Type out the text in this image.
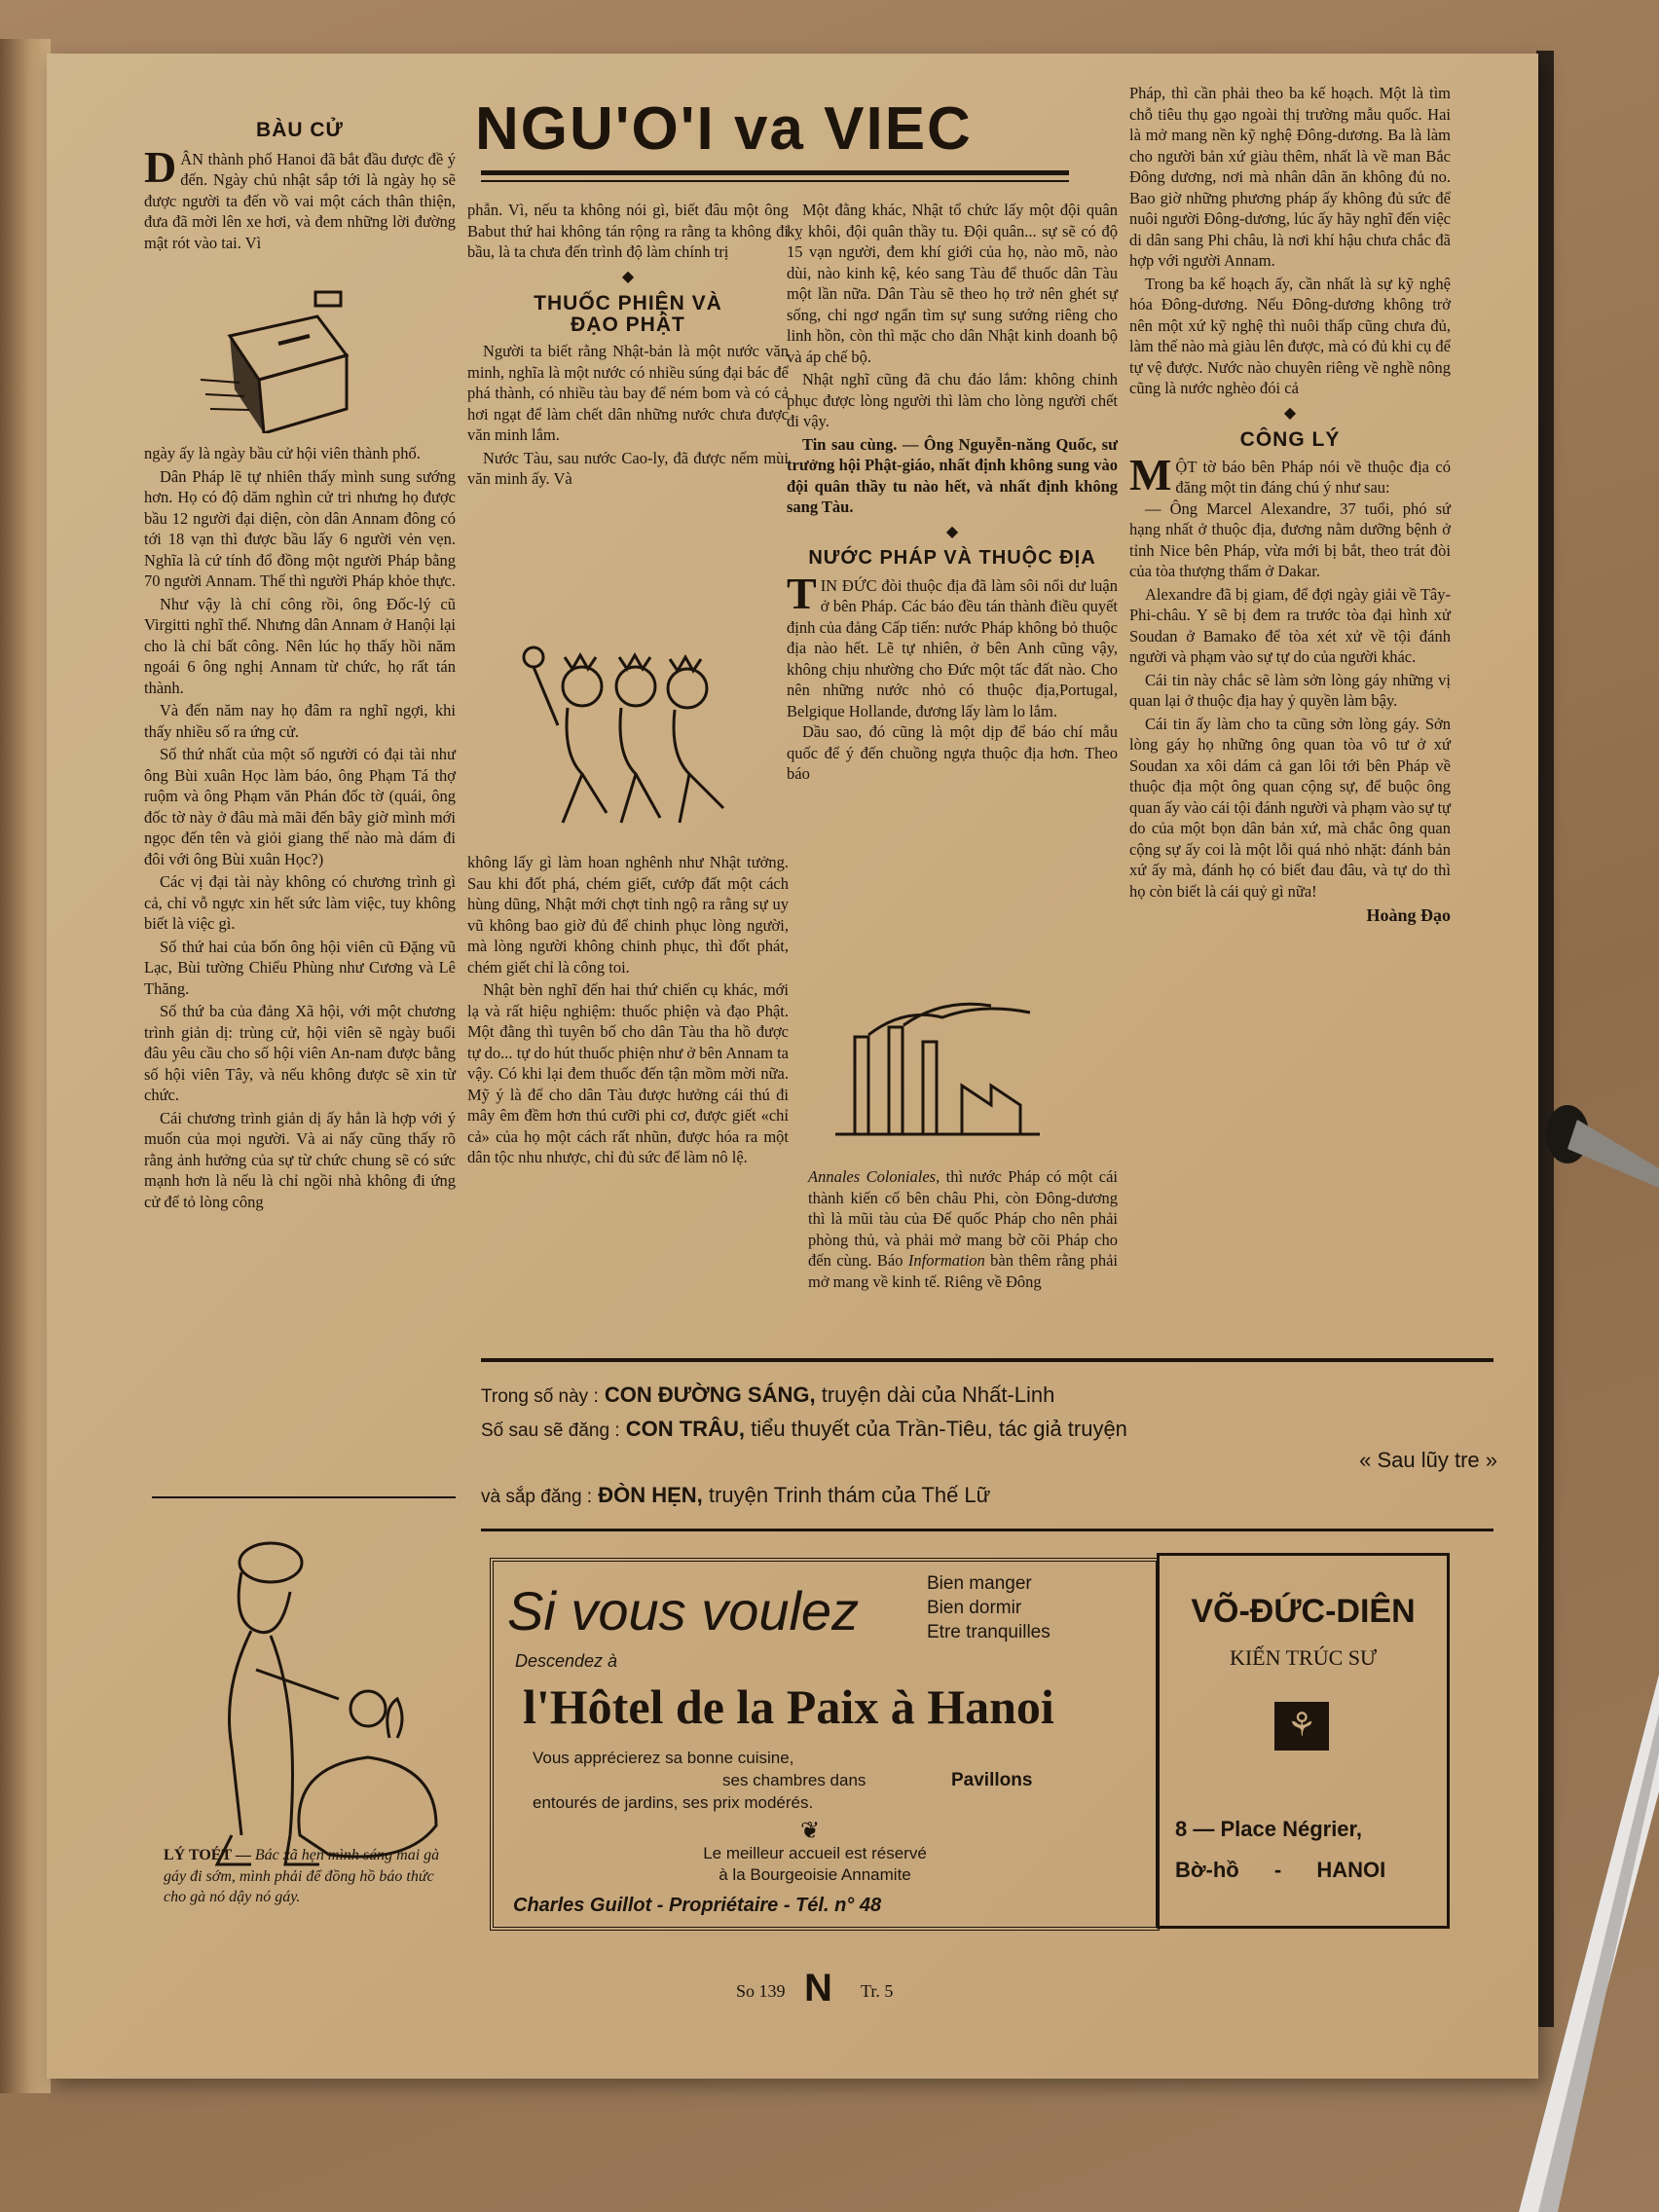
NGU'O'I va VIEC
BÀU CỬ
DÂN thành phố Hanoi đã bắt đầu được đề ý đến. Ngày chủ nhật sắp tới là ngày họ sẽ được người ta đến vồ vai một cách thân thiện, đưa đã mời lên xe hơi, và đem những lời đường mật rót vào tai. Vì

ngày ấy là ngày bầu cử hội viên thành phố.

Dân Pháp lẽ tự nhiên thấy mình sung sướng hơn. Họ có độ dăm nghìn cử tri nhưng họ được bầu 12 người đại diện, còn dân Annam đông có tới 18 vạn thì được bầu lấy 6 người vẻn vẹn. Nghĩa là cứ tính đổ đồng một người Pháp bằng 70 người Annam. Thế thì người Pháp khỏe thực.

Như vậy là chỉ công rồi, ông Đốc-lý cũ Virgitti nghĩ thế. Nhưng dân Annam ở Hanội lại cho là chỉ bất công. Nên lúc họ thấy hồi năm ngoái 6 ông nghị Annam từ chức, họ rất tán thành.

Và đến năm nay họ đâm ra nghĩ ngợi, khi thấy nhiều số ra ứng cử.

Số thứ nhất của một số người có đại tài như ông Bùi xuân Học làm báo, ông Phạm Tá thợ ruộm và ông Phạm văn Phán đốc tờ (quái, ông đốc tờ này ở đâu mà mãi đến bây giờ mình mới ngọc đến tên và giỏi giang thế nào mà dám đi đôi với ông Bùi xuân Học?)

Các vị đại tài này không có chương trình gì cả, chỉ vỗ ngực xin hết sức làm việc, tuy không biết là việc gì.

Số thứ hai của bốn ông hội viên cũ Đặng vũ Lạc, Bùi tường Chiểu Phùng như Cương và Lê Thăng.

Số thứ ba của đảng Xã hội, với một chương trình giản dị: trùng cử, hội viên sẽ ngày buổi đâu yêu cầu cho số hội viên An-nam được bằng số hội viên Tây, và nếu không được sẽ xin từ chức.

Cái chương trình giản dị ấy hẳn là hợp với ý muốn của mọi người. Và ai nấy cũng thấy rõ rằng ảnh hưởng của sự từ chức chung sẽ có sức mạnh hơn là nếu là chỉ ngồi nhà không đi ứng cử để tỏ lòng công

phẫn. Vì, nếu ta không nói gì, biết đâu một ông Babut thứ hai không tán rộng ra rằng ta không đi bầu, là ta chưa đến trình độ làm chính trị

◆
THUỐC PHIỆN VÀ
ĐẠO PHẬT

Người ta biết rằng Nhật-bản là một nước văn minh, nghĩa là một nước có nhiều súng đại bác để phá thành, có nhiều tàu bay để ném bom và có cả hơi ngạt để làm chết dân những nước chưa được văn minh lắm.

Nước Tàu, sau nước Cao-ly, đã được nếm mùi văn minh ấy. Và

không lấy gì làm hoan nghênh như Nhật tưởng. Sau khi đốt phá, chém giết, cướp đất một cách hùng dũng, Nhật mới chợt tỉnh ngộ ra rằng sự uy vũ không bao giờ đủ để chinh phục lòng người, mà lòng người không chinh phục, thì đốt phát, chém giết chỉ là công toi.

Nhật bèn nghĩ đến hai thứ chiến cụ khác, mới lạ và rất hiệu nghiệm: thuốc phiện và đạo Phật. Một đằng thì tuyên bố cho dân Tàu tha hồ được tự do... tự do hút thuốc phiện như ở bên Annam ta vậy. Có khi lại đem thuốc đến tận mồm mời nữa. Mỹ ý là để cho dân Tàu được hưởng cái thú đi mây êm đềm hơn thú cưỡi phi cơ, được giết «chỉ cả» của họ một cách rất nhũn, được hóa ra một dân tộc nhu nhược, chỉ đủ sức để làm nô lệ.

Một đằng khác, Nhật tổ chức lấy một đội quân kỵ khôi, đội quân thầy tu. Đội quân... sự sẽ có độ 15 vạn người, đem khí giới của họ, nào mõ, nào dùi, nào kinh kệ, kéo sang Tàu để thuốc dân Tàu một lần nữa. Dân Tàu sẽ theo họ trở nên ghét sự sống, chỉ ngơ ngẩn tìm sự sung sướng riêng cho linh hồn, còn thì mặc cho dân Nhật kinh doanh bộ và áp chế bộ.

Nhật nghĩ cũng đã chu đáo lắm: không chinh phục được lòng người thì làm cho lòng người chết đi vậy.

Tin sau cùng. — Ông Nguyễn-năng Quốc, sư trưởng hội Phật-giáo, nhất định không sung vào đội quân thầy tu nào hết, và nhất định không sang Tàu.

◆
NƯỚC PHÁP VÀ THUỘC ĐỊA
TIN ĐỨC đòi thuộc địa đã làm sôi nổi dư luận ở bên Pháp. Các báo đều tán thành điều quyết định của đảng Cấp tiến: nước Pháp không bỏ thuộc địa nào hết. Lẽ tự nhiên, ở bên Anh cũng vậy, không chịu nhường cho Đức một tấc đất nào. Cho nên những nước nhỏ có thuộc địa,Portugal, Belgique Hollande, đương lấy làm lo lắm.

Dầu sao, đó cũng là một dịp để báo chí mẫu quốc để ý đến chuồng ngựa thuộc địa hơn. Theo báo

Annales Coloniales, thì nước Pháp có một cái thành kiến cố bên châu Phi, còn Đông-dương thì là mũi tàu của Đế quốc Pháp cho nên phải phòng thủ, và phải mở mang bờ cõi Pháp cho đến cùng. Báo Information bàn thêm rằng phải mở mang về kinh tế. Riêng về Đông

Pháp, thì cần phải theo ba kế hoạch. Một là tìm chỗ tiêu thụ gạo ngoài thị trường mẫu quốc. Hai là mở mang nền kỹ nghệ Đông-dương. Ba là làm cho người bản xứ giàu thêm, nhất là về man Bắc Đông dương, nơi mà nhân dân ăn không đủ no. Bao giờ những phương pháp ấy không đủ sức để nuôi người Đông-dương, lúc ấy hãy nghĩ đến việc di dân sang Phi châu, là nơi khí hậu chưa chắc đã hợp với người Annam.

Trong ba kế hoạch ấy, cần nhất là sự kỹ nghệ hóa Đông-dương. Nếu Đông-dương không trở nên một xứ kỹ nghệ thì nuôi thấp cũng chưa đủ, làm thế nào mà giàu lên được, mà có đủ khi cụ để tự vệ được. Nước nào chuyên riêng về nghề nông cũng là nước nghèo đói cả

◆
CÔNG LÝ
MỘT tờ báo bên Pháp nói về thuộc địa có đăng một tin đáng chú ý như sau:

— Ông Marcel Alexandre, 37 tuổi, phó sứ hạng nhất ở thuộc địa, đương nằm dưỡng bệnh ở tỉnh Nice bên Pháp, vừa mới bị bắt, theo trát đòi của tòa thượng thẩm ở Dakar.

Alexandre đã bị giam, để đợi ngày giải về Tây-Phi-châu. Y sẽ bị đem ra trước tòa đại hình xử Soudan ở Bamako để tòa xét xử về tội đánh người và phạm vào sự tự do của người khác.

Cái tin này chắc sẽ làm sởn lòng gáy những vị quan lại ở thuộc địa hay ỷ quyền làm bậy.

Cái tin ấy làm cho ta cũng sởn lòng gáy. Sởn lòng gáy họ những ông quan tòa vô tư ở xứ Soudan xa xôi dám cả gan lôi tới bên Pháp về thuộc địa một ông quan cộng sự, để buộc ông quan ấy vào cái tội đánh người và phạm vào sự tự do của một bọn dân bản xứ, mà chắc ông quan cộng sự ấy coi là một lỗi quá nhỏ nhặt: đánh bản xứ ấy mà, đánh họ có biết đau đâu, và tự do thì họ còn biết là cái quỷ gì nữa!

Hoàng Đạo
Trong số này : CON ĐƯỜNG SÁNG, truyện dài của Nhất-Linh
Số sau sẽ đăng : CON TRÂU, tiểu thuyết của Trần-Tiêu, tác giả truyện
« Sau lũy tre »
và sắp đăng : ĐÒN HẸN, truyện Trinh thám của Thế Lữ
LÝ TOÉT — Bác xã hẹn mình sáng mai gà gáy đi sớm, mình phải để đồng hồ báo thức cho gà nó dậy nó gáy.
Si vous voulez	Bien manger
Bien dormir
Etre tranquilles
Descendez à
l'Hôtel de la Paix à Hanoi
Vous apprécierez sa bonne cuisine,
ses chambres dans	Pavillons
entourés de jardins, ses prix modérés.
❦
Le meilleur accueil est réservé
à la Bourgeoisie Annamite
Charles Guillot - Propriétaire - Tél. n° 48
VÕ-ĐỨC-DIÊN
KIẾN TRÚC SƯ
⚘
8 — Place Négrier,
Bờ-hồ - HANOI
So 139 N Tr. 5
